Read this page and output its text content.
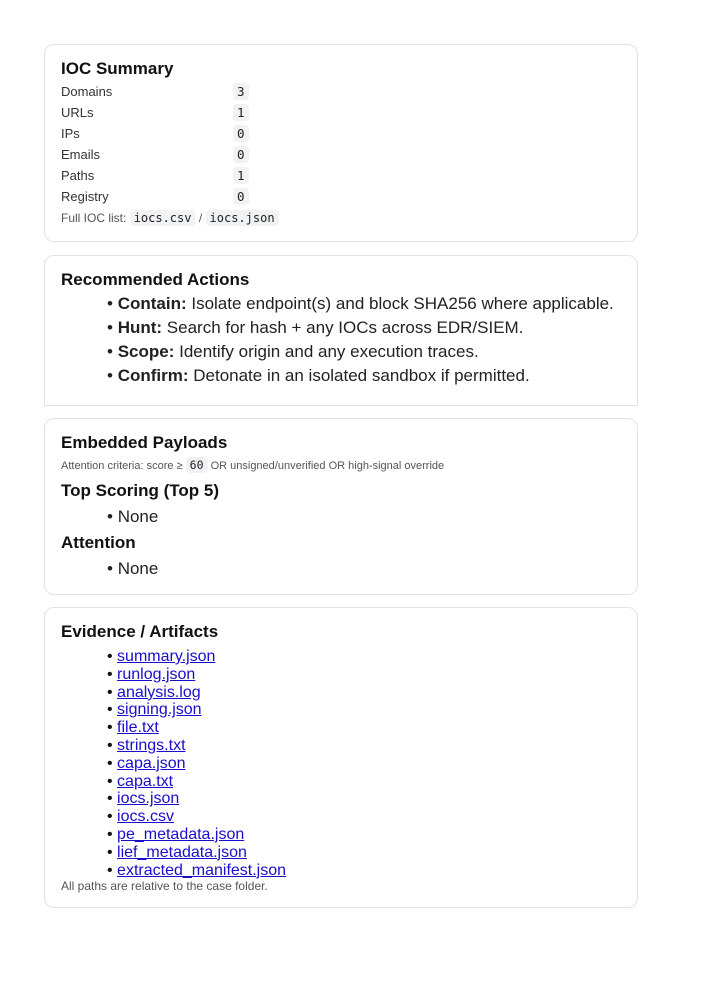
IOC Summary
Domains	3
URLs	1
IPs	0
Emails	0
Paths	1
Registry	0
Full IOC list: iocs.csv / iocs.json
Recommended Actions
• Contain: Isolate endpoint(s) and block SHA256 where applicable.
• Hunt: Search for hash + any IOCs across EDR/SIEM.
• Scope: Identify origin and any execution traces.
• Confirm: Detonate in an isolated sandbox if permitted.
Embedded Payloads
Attention criteria: score ≥ 60 OR unsigned/unverified OR high-signal override
Top Scoring (Top 5)
• None
Attention
• None
Evidence / Artifacts
• summary.json
• runlog.json
• analysis.log
• signing.json
• file.txt
• strings.txt
• capa.json
• capa.txt
• iocs.json
• iocs.csv
• pe_metadata.json
• lief_metadata.json
• extracted_manifest.json
All paths are relative to the case folder.
